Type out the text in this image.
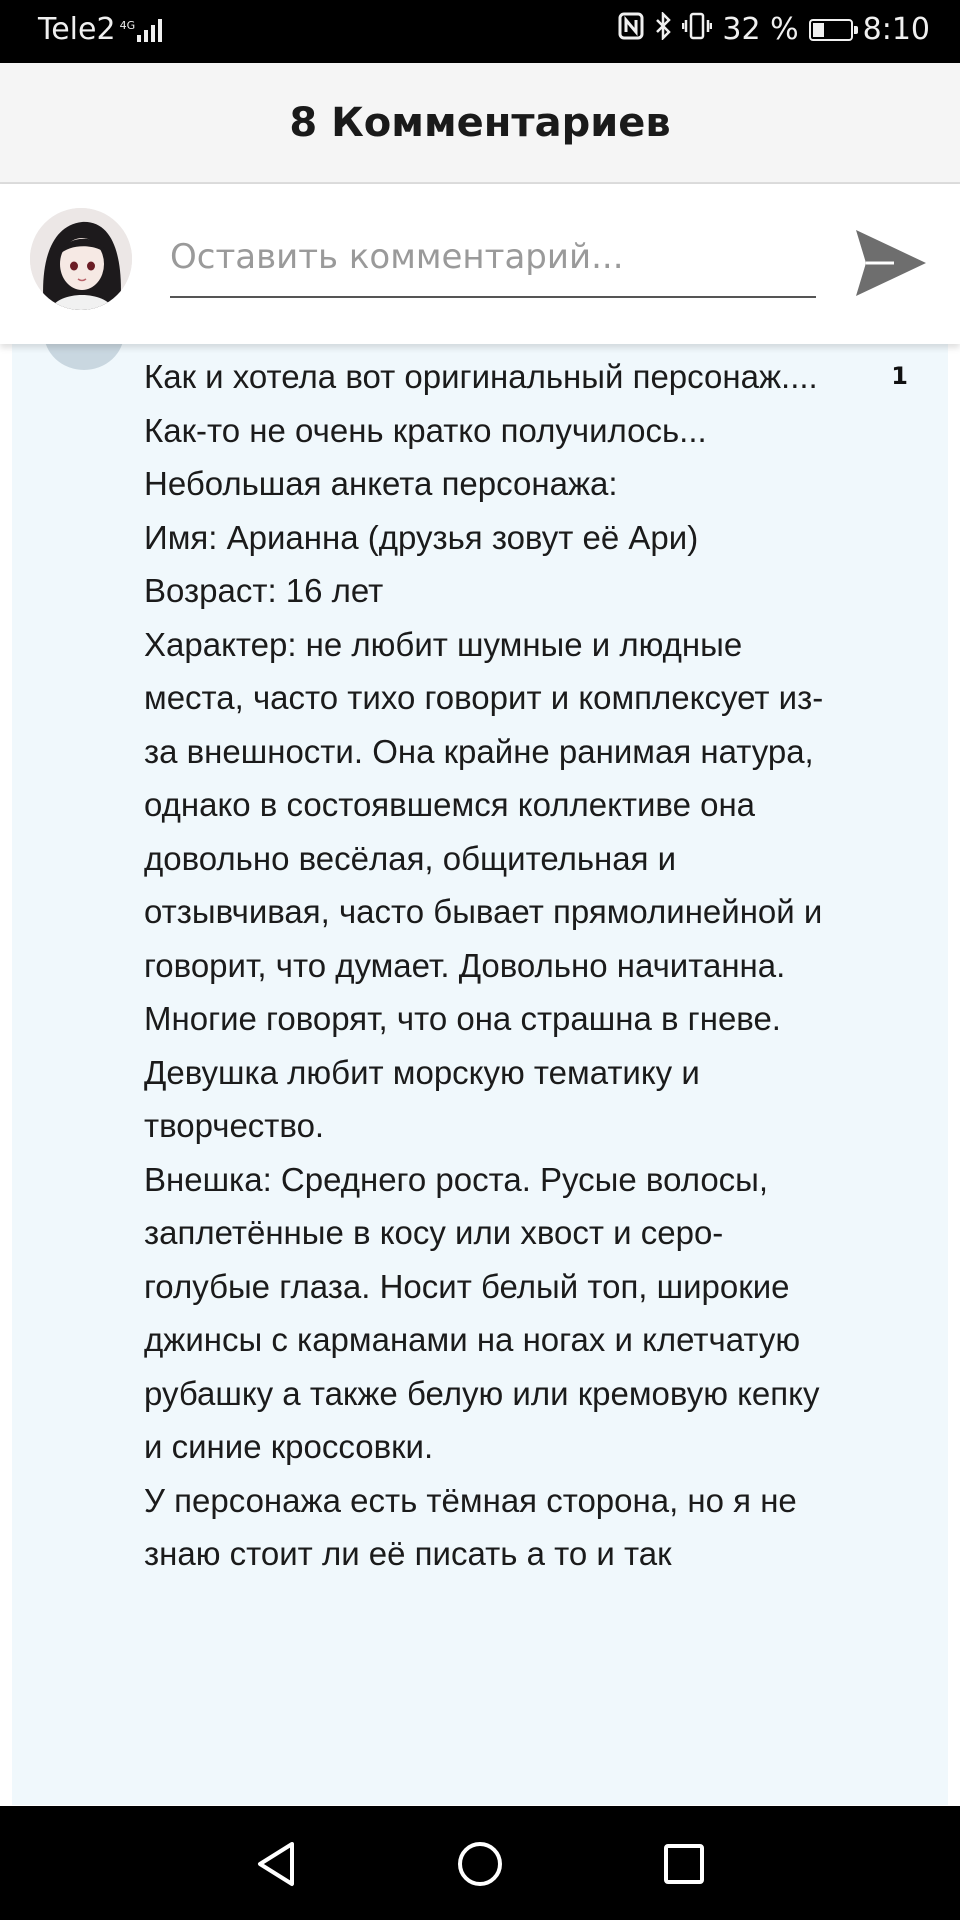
Tele2 4G	32 % 8:10
8 Комментариев
Оставить комментарий...
1

Как и хотела вот оригинальный персонаж....

Как-то не очень кратко получилось...

Небольшая анкета персонажа:

Имя: Арианна (друзья зовут её Ари)

Возраст: 16 лет

Характер: не любит шумные и людные места, часто тихо говорит и комплексует из-за внешности. Она крайне ранимая натура, однако в состоявшемся коллективе она довольно весёлая, общительная и отзывчивая, часто бывает прямолинейной и говорит, что думает. Довольно начитанна. Многие говорят, что она страшна в гневе. Девушка любит морскую тематику и творчество.

Внешка: Среднего роста. Русые волосы, заплетённые в косу или хвост и серо-голубые глаза. Носит белый топ, широкие джинсы с карманами на ногах и клетчатую рубашку а также белую или кремовую кепку и синие кроссовки.

У персонажа есть тёмная сторона, но я не знаю стоит ли её писать а то и так
